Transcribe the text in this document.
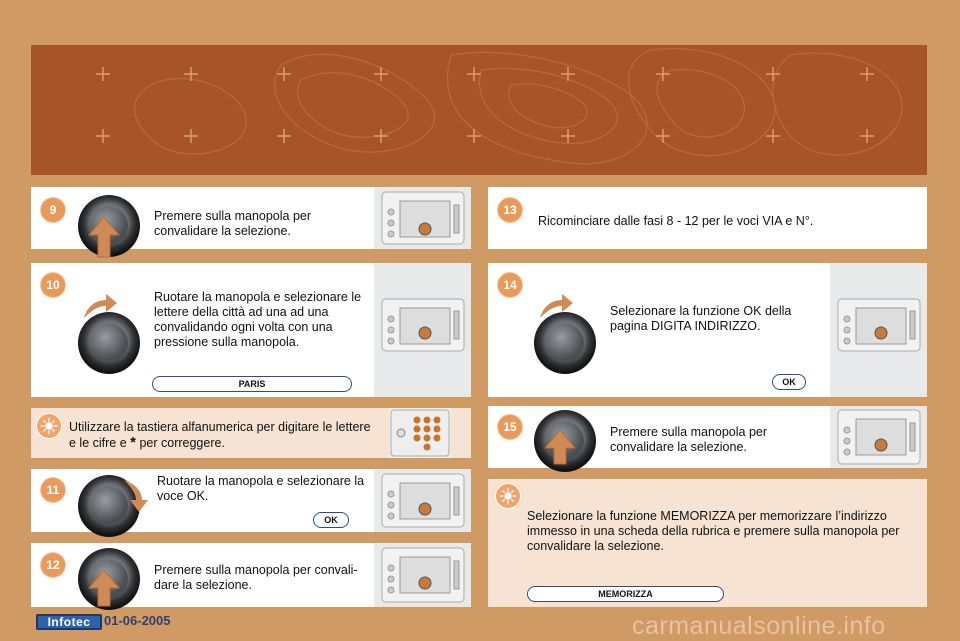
9	Premere sulla manopola per convalidare la selezione.
10
Ruotare la manopola e selezionare le lettere della città ad una ad una convalidando ogni volta con una pressione sulla manopola.
PARIS
Utilizzare la tastiera alfanumerica per digitare le lettere e le cifre e * per correggere.
11
Ruotare la manopola e selezionare la voce OK.
OK
12	Premere sulla manopola per convali-dare la selezione.
13
Ricominciare dalle fasi 8 - 12 per le voci VIA e N°.
14
Selezionare la funzione OK della pagina DIGITA INDIRIZZO.
OK
15	Premere sulla manopola per convalidare la selezione.
Selezionare la funzione MEMORIZZA per memorizzare l’indirizzo immesso in una scheda della rubrica e premere sulla manopola per convalidare la selezione.
MEMORIZZA
Infotec	01-06-2005	carmanualsonline.info
